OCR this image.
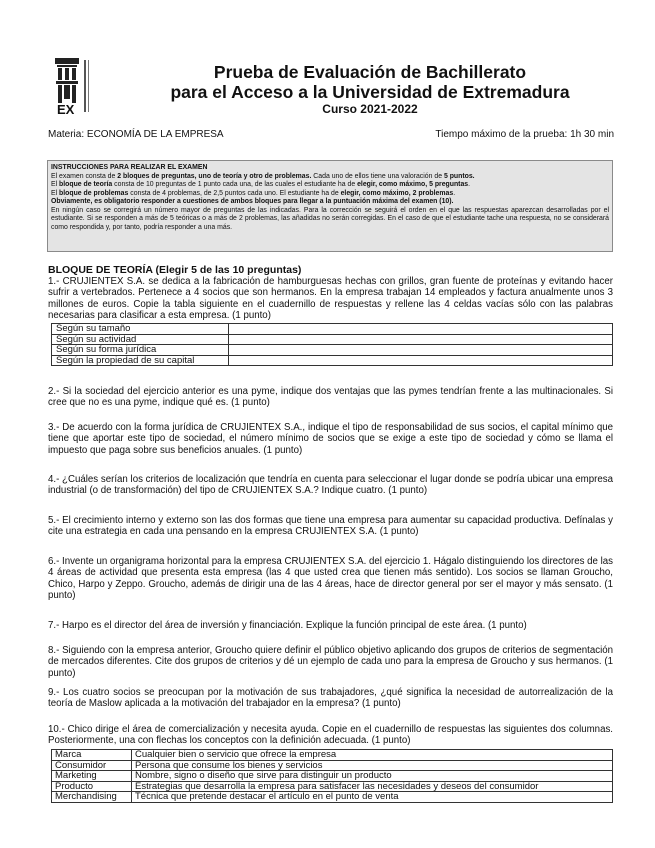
EX
Prueba de Evaluación de Bachillerato
para el Acceso a la Universidad de Extremadura
Curso 2021-2022
Materia: ECONOMÍA DE LA EMPRESA	Tiempo máximo de la prueba: 1h 30 min
INSTRUCCIONES PARA REALIZAR EL EXAMEN
El examen consta de 2 bloques de preguntas, uno de teoría y otro de problemas. Cada uno de ellos tiene una valoración de 5 puntos.
El bloque de teoría consta de 10 preguntas de 1 punto cada una, de las cuales el estudiante ha de elegir, como máximo, 5 preguntas.
El bloque de problemas consta de 4 problemas, de 2,5 puntos cada uno. El estudiante ha de elegir, como máximo, 2 problemas.
Obviamente, es obligatorio responder a cuestiones de ambos bloques para llegar a la puntuación máxima del examen (10).
En ningún caso se corregirá un número mayor de preguntas de las indicadas. Para la corrección se seguirá el orden en el que las respuestas aparezcan desarrolladas por el estudiante. Si se responden a más de 5 teóricas o a más de 2 problemas, las añadidas no serán corregidas. En el caso de que el estudiante tache una respuesta, no se considerará como respondida y, por tanto, podría responder a una más.
BLOQUE DE TEORÍA (Elegir 5 de las 10 preguntas)
1.- CRUJIENTEX S.A. se dedica a la fabricación de hamburguesas hechas con grillos, gran fuente de proteínas y evitando hacer sufrir a vertebrados. Pertenece a 4 socios que son hermanos. En la empresa trabajan 14 empleados y factura anualmente unos 3 millones de euros. Copie la tabla siguiente en el cuadernillo de respuestas y rellene las 4 celdas vacías sólo con las palabras necesarias para clasificar a esta empresa. (1 punto)
Según su tamaño	
Según su actividad	
Según su forma jurídica	
Según la propiedad de su capital	
2.- Si la sociedad del ejercicio anterior es una pyme, indique dos ventajas que las pymes tendrían frente a las multinacionales. Si cree que no es una pyme, indique qué es. (1 punto)
3.- De acuerdo con la forma jurídica de CRUJIENTEX S.A., indique el tipo de responsabilidad de sus socios, el capital mínimo que tiene que aportar este tipo de sociedad, el número mínimo de socios que se exige a este tipo de sociedad y cómo se llama el impuesto que paga sobre sus beneficios anuales. (1 punto)
4.- ¿Cuáles serían los criterios de localización que tendría en cuenta para seleccionar el lugar donde se podría ubicar una empresa industrial (o de transformación) del tipo de CRUJIENTEX S.A.? Indique cuatro. (1 punto)
5.- El crecimiento interno y externo son las dos formas que tiene una empresa para aumentar su capacidad productiva. Defínalas y cite una estrategia en cada una pensando en la empresa CRUJIENTEX S.A. (1 punto)
6.- Invente un organigrama horizontal para la empresa CRUJIENTEX S.A. del ejercicio 1. Hágalo distinguiendo los directores de las 4 áreas de actividad que presenta esta empresa (las 4 que usted crea que tienen más sentido). Los socios se llaman Groucho, Chico, Harpo y Zeppo. Groucho, además de dirigir una de las 4 áreas, hace de director general por ser el mayor y más sensato. (1 punto)
7.- Harpo es el director del área de inversión y financiación. Explique la función principal de este área. (1 punto)
8.- Siguiendo con la empresa anterior, Groucho quiere definir el público objetivo aplicando dos grupos de criterios de segmentación de mercados diferentes. Cite dos grupos de criterios y dé un ejemplo de cada uno para la empresa de Groucho y sus hermanos. (1 punto)
9.- Los cuatro socios se preocupan por la motivación de sus trabajadores, ¿qué significa la necesidad de autorrealización de la teoría de Maslow aplicada a la motivación del trabajador en la empresa? (1 punto)
10.- Chico dirige el área de comercialización y necesita ayuda. Copie en el cuadernillo de respuestas las siguientes dos columnas. Posteriormente, una con flechas los conceptos con la definición adecuada. (1 punto)
Marca	Cualquier bien o servicio que ofrece la empresa
Consumidor	Persona que consume los bienes y servicios
Marketing	Nombre, signo o diseño que sirve para distinguir un producto
Producto	Estrategias que desarrolla la empresa para satisfacer las necesidades y deseos del consumidor
Merchandising	Técnica que pretende destacar el artículo en el punto de venta
